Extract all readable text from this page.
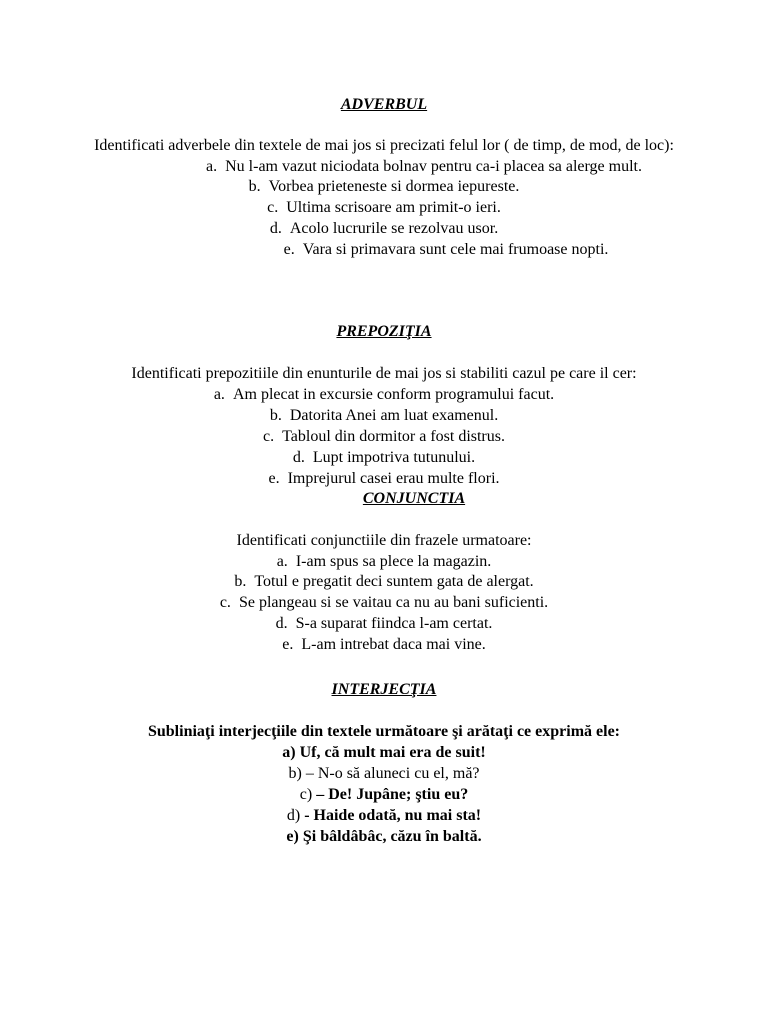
ADVERBUL
Identificati adverbele din textele de mai jos si precizati felul lor ( de timp, de mod, de loc):
a. Nu l-am vazut niciodata bolnav pentru ca-i placea sa alerge mult.
b. Vorbea prieteneste si dormea iepureste.
c. Ultima scrisoare am primit-o ieri.
d. Acolo lucrurile se rezolvau usor.
e. Vara si primavara sunt cele mai frumoase nopti.
PREPOZIŢIA
Identificati prepozitiile din enunturile de mai jos si stabiliti cazul pe care il cer:
a. Am plecat in excursie conform programului facut.
b. Datorita Anei am luat examenul.
c. Tabloul din dormitor a fost distrus.
d. Lupt impotriva tutunului.
e. Imprejurul casei erau multe flori.
CONJUNCTIA
Identificati conjunctiile din frazele urmatoare:
a. I-am spus sa plece la magazin.
b. Totul e pregatit deci suntem gata de alergat.
c. Se plangeau si se vaitau ca nu au bani suficienti.
d. S-a suparat fiindca l-am certat.
e. L-am intrebat daca mai vine.
INTERJECŢIA
Subliniaţi interjecţiile din textele următoare şi arătaţi ce exprimă ele:
a) Uf, că mult mai era de suit!
b) – N-o să aluneci cu el, mă?
c) – De! Jupâne; ştiu eu?
d) - Haide odată, nu mai sta!
e) Şi bâldâbâc, căzu în baltă.
